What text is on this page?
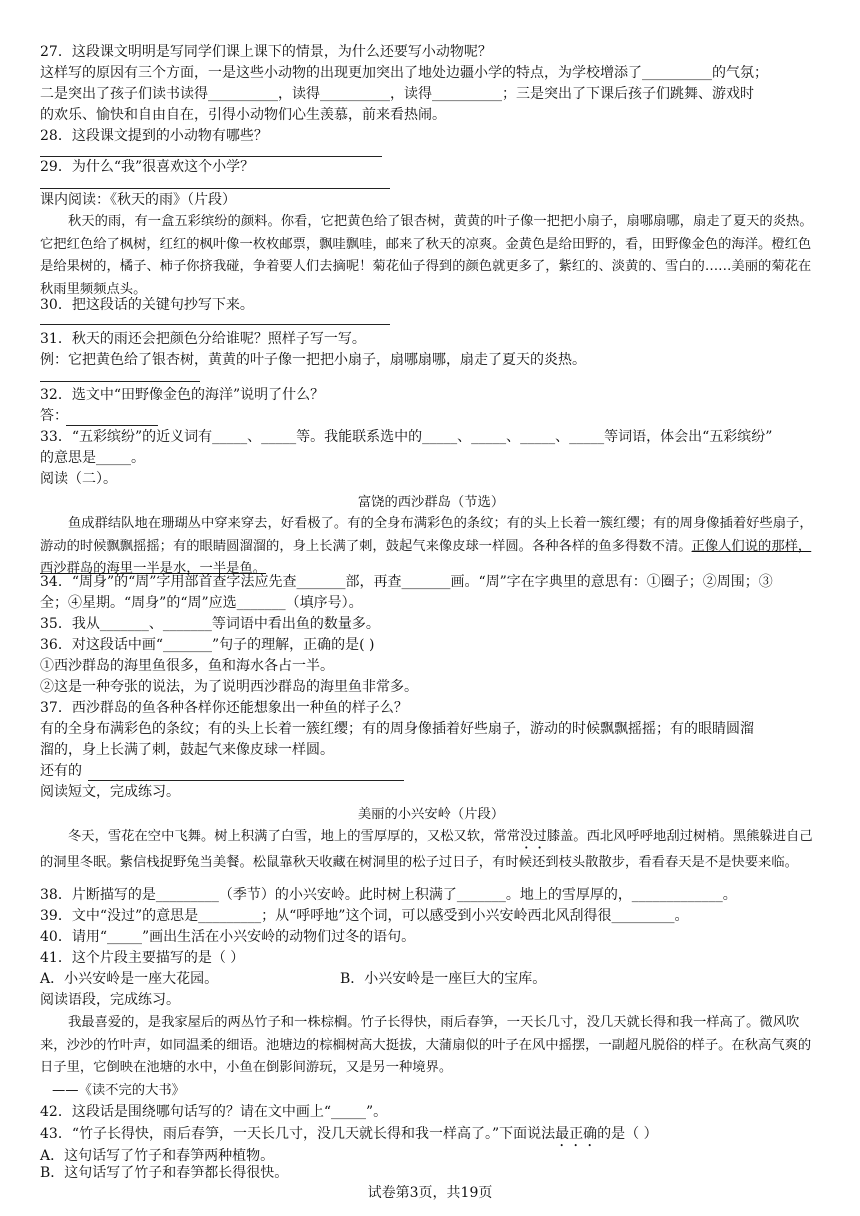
27．这段课文明明是写同学们课上课下的情景，为什么还要写小动物呢？
这样写的原因有三个方面，一是这些小动物的出现更加突出了地处边疆小学的特点，为学校增添了__________的气氛；
二是突出了孩子们读书读得__________，读得__________，读得__________；三是突出了下课后孩子们跳舞、游戏时
的欢乐、愉快和自由自在，引得小动物们心生羡慕，前来看热闹。
28．这段课文提到的小动物有哪些？
29．为什么“我”很喜欢这个小学？
课内阅读：《秋天的雨》（片段）
秋天的雨，有一盒五彩缤纷的颜料。你看，它把黄色给了银杏树，黄黄的叶子像一把把小扇子，扇哪扇哪，扇走了夏天的炎热。它把红色给了枫树，红红的枫叶像一枚枚邮票，飘哇飘哇，邮来了秋天的凉爽。金黄色是给田野的，看，田野像金色的海洋。橙红色是给果树的，橘子、柿子你挤我碰，争着要人们去摘呢！菊花仙子得到的颜色就更多了，紫红的、淡黄的、雪白的……美丽的菊花在秋雨里频频点头。
30．把这段话的关键句抄写下来。
31．秋天的雨还会把颜色分给谁呢？照样子写一写。
例：它把黄色给了银杏树，黄黄的叶子像一把把小扇子，扇哪扇哪，扇走了夏天的炎热。
32．选文中“田野像金色的海洋”说明了什么？
答：
33．“五彩缤纷”的近义词有_____、_____等。我能联系选中的_____、_____、_____、_____等词语，体会出“五彩缤纷”
的意思是_____。
阅读（二）。
富饶的西沙群岛（节选）
鱼成群结队地在珊瑚丛中穿来穿去，好看极了。有的全身布满彩色的条纹；有的头上长着一簇红缨；有的周身像插着好些扇子，游动的时候飘飘摇摇；有的眼睛圆溜溜的，身上长满了刺，鼓起气来像皮球一样圆。各种各样的鱼多得数不清。正像人们说的那样，西沙群岛的海里一半是水，一半是鱼。
34．“周身”的“周”字用部首查字法应先查_______部，再查_______画。“周”字在字典里的意思有：①圈子；②周围；③
全；④星期。“周身”的“周”应选_______（填序号）。
35．我从_______、_______等词语中看出鱼的数量多。
36．对这段话中画“_______”句子的理解，正确的是( )
①西沙群岛的海里鱼很多，鱼和海水各占一半。
②这是一种夸张的说法，为了说明西沙群岛的海里鱼非常多。
37．西沙群岛的鱼各种各样你还能想象出一种鱼的样子么？
有的全身布满彩色的条纹；有的头上长着一簇红缨；有的周身像插着好些扇子，游动的时候飘飘摇摇；有的眼睛圆溜
溜的，身上长满了刺，鼓起气来像皮球一样圆。
还有的
阅读短文，完成练习。
美丽的小兴安岭（片段）
冬天，雪花在空中飞舞。树上积满了白雪，地上的雪厚厚的，又松又软，常常没过膝盖。西北风呼呼地刮过树梢。黑熊躲进自己的洞里冬眠。紫信栈捉野兔当美餐。松鼠靠秋天收藏在树洞里的松子过日子，有时候还到枝头散散步，看看春天是不是快要来临。
38．片断描写的是_________（季节）的小兴安岭。此时树上积满了_______。地上的雪厚厚的，_____________。
39．文中“没过”的意思是_________；从“呼呼地”这个词，可以感受到小兴安岭西北风刮得很_________。
40．请用“_____”画出生活在小兴安岭的动物们过冬的语句。
41．这个片段主要描写的是（ ）
A．小兴安岭是一座大花园。	B．小兴安岭是一座巨大的宝库。
阅读语段，完成练习。
我最喜爱的，是我家屋后的两丛竹子和一株棕榈。竹子长得快，雨后春笋，一天长几寸，没几天就长得和我一样高了。微风吹来，沙沙的竹叶声，如同温柔的细语。池塘边的棕榈树高大挺拔，大蒲扇似的叶子在风中摇摆，一副超凡脱俗的样子。在秋高气爽的日子里，它倒映在池塘的水中，小鱼在倒影间游玩，又是另一种境界。
——《读不完的大书》
42．这段话是围绕哪句话写的？请在文中画上“_____”。
43．“竹子长得快，雨后春笋，一天长几寸，没几天就长得和我一样高了。”下面说法最正确的是（ ）
A．这句话写了竹子和春笋两种植物。
B．这句话写了竹子和春笋都长得很快。
试卷第3页，共19页
